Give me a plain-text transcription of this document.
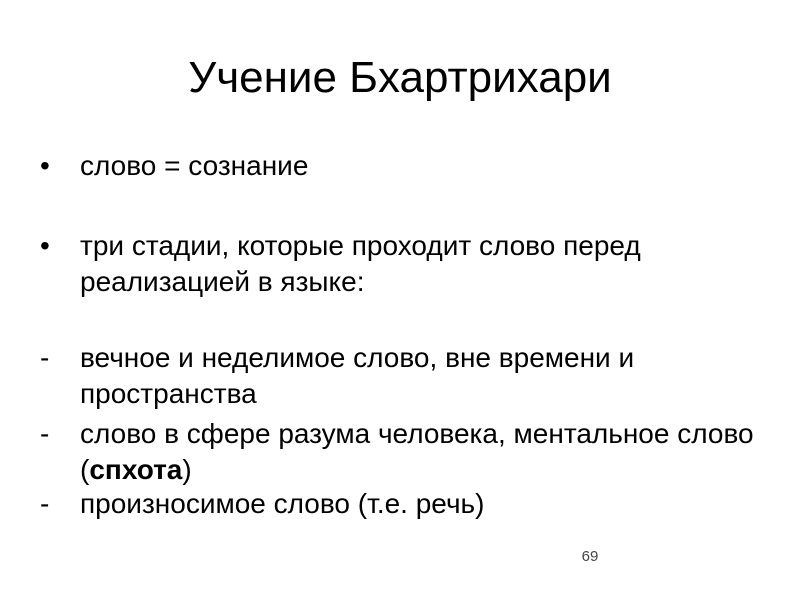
Учение Бхартрихари
•	слово = сознание
•	три стадии, которые проходит слово перед реализацией в языке:
-	вечное и неделимое слово, вне времени и пространства
-	слово в сфере разума человека, ментальное слово (спхота)
-	произносимое слово (т.е. речь)
69
